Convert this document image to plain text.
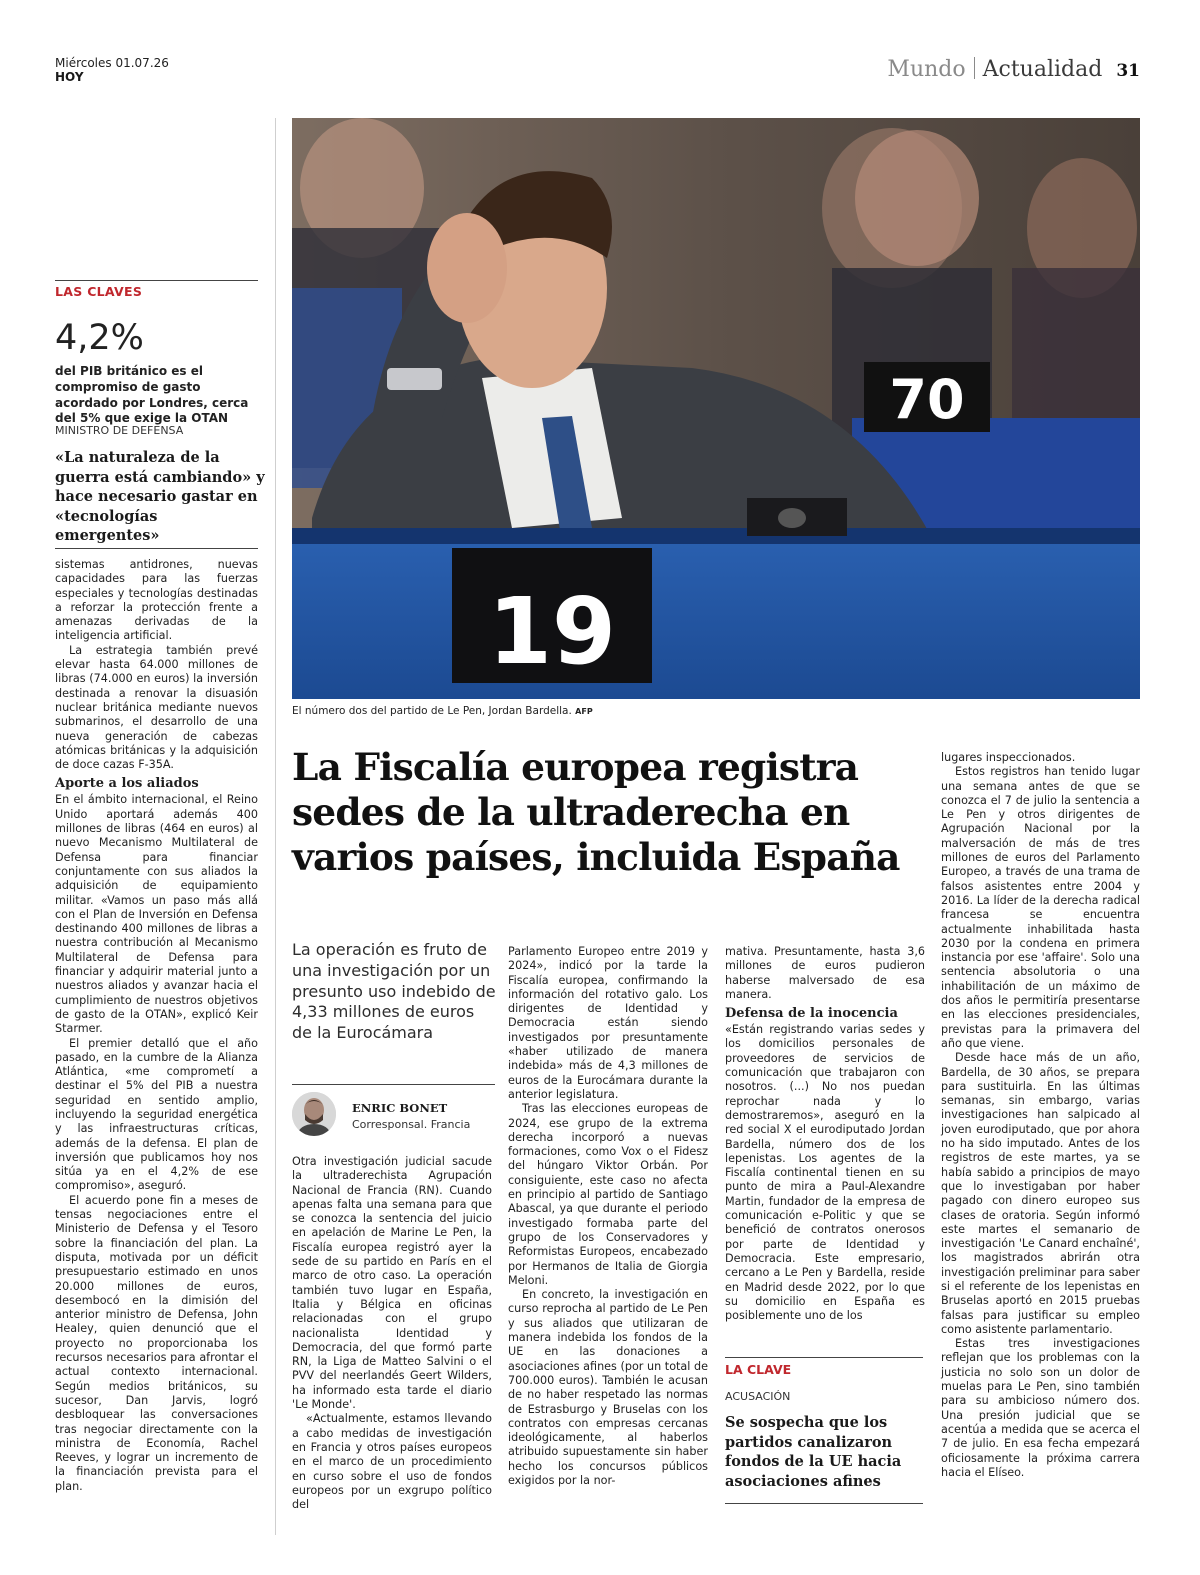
Miércoles 01.07.26
HOY	Mundo Actualidad 31
70
19
El número dos del partido de Le Pen, Jordan Bardella. AFP
LAS CLAVES
4,2%
del PIB británico es el compromiso de gasto acordado por Londres, cerca del 5% que exige la OTAN
MINISTRO DE DEFENSA
«La naturaleza de la guerra está cambiando» y hace necesario gastar en «tecnologías emergentes»

sistemas antidrones, nuevas capacidades para las fuerzas especiales y tecnologías destinadas a reforzar la protección frente a amenazas derivadas de la inteligencia artificial.

La estrategia también prevé elevar hasta 64.000 millones de libras (74.000 en euros) la inversión destinada a renovar la disuasión nuclear británica mediante nuevos submarinos, el desarrollo de una nueva generación de cabezas atómicas británicas y la adquisición de doce cazas F-35A.

Aporte a los aliados

En el ámbito internacional, el Reino Unido aportará además 400 millones de libras (464 en euros) al nuevo Mecanismo Multilateral de Defensa para financiar conjuntamente con sus aliados la adquisición de equipamiento militar. «Vamos un paso más allá con el Plan de Inversión en Defensa destinando 400 millones de libras a nuestra contribución al Mecanismo Multilateral de Defensa para financiar y adquirir material junto a nuestros aliados y avanzar hacia el cumplimiento de nuestros objetivos de gasto de la OTAN», explicó Keir Starmer.

El premier detalló que el año pasado, en la cumbre de la Alianza Atlántica, «me comprometí a destinar el 5% del PIB a nuestra seguridad en sentido amplio, incluyendo la seguridad energética y las infraestructuras críticas, además de la defensa. El plan de inversión que publicamos hoy nos sitúa ya en el 4,2% de ese compromiso», aseguró.

El acuerdo pone fin a meses de tensas negociaciones entre el Ministerio de Defensa y el Tesoro sobre la financiación del plan. La disputa, motivada por un déficit presupuestario estimado en unos 20.000 millones de euros, desembocó en la dimisión del anterior ministro de Defensa, John Healey, quien denunció que el proyecto no proporcionaba los recursos necesarios para afrontar el actual contexto internacional. Según medios británicos, su sucesor, Dan Jarvis, logró desbloquear las conversaciones tras negociar directamente con la ministra de Economía, Rachel Reeves, y lograr un incremento de la financiación prevista para el plan.

La Fiscalía europea registra sedes de la ultraderecha en varios países, incluida España
La operación es fruto de una investigación por un presunto uso indebido de 4,33 millones de euros de la Eurocámara
ENRIC BONET
Corresponsal. Francia

Otra investigación judicial sacude la ultraderechista Agrupación Nacional de Francia (RN). Cuando apenas falta una semana para que se conozca la sentencia del juicio en apelación de Marine Le Pen, la Fiscalía europea registró ayer la sede de su partido en París en el marco de otro caso. La operación también tuvo lugar en España, Italia y Bélgica en oficinas relacionadas con el grupo nacionalista Identidad y Democracia, del que formó parte RN, la Liga de Matteo Salvini o el PVV del neerlandés Geert Wilders, ha informado esta tarde el diario 'Le Monde'.

«Actualmente, estamos llevando a cabo medidas de investigación en Francia y otros países europeos en el marco de un procedimiento en curso sobre el uso de fondos europeos por un exgrupo político del

Parlamento Europeo entre 2019 y 2024», indicó por la tarde la Fiscalía europea, confirmando la información del rotativo galo. Los dirigentes de Identidad y Democracia están siendo investigados por presuntamente «haber utilizado de manera indebida» más de 4,3 millones de euros de la Eurocámara durante la anterior legislatura.

Tras las elecciones europeas de 2024, ese grupo de la extrema derecha incorporó a nuevas formaciones, como Vox o el Fidesz del húngaro Viktor Orbán. Por consiguiente, este caso no afecta en principio al partido de Santiago Abascal, ya que durante el periodo investigado formaba parte del grupo de los Conservadores y Reformistas Europeos, encabezado por Hermanos de Italia de Giorgia Meloni.

En concreto, la investigación en curso reprocha al partido de Le Pen y sus aliados que utilizaran de manera indebida los fondos de la UE en las donaciones a asociaciones afines (por un total de 700.000 euros). También le acusan de no haber respetado las normas de Estrasburgo y Bruselas con los contratos con empresas cercanas ideológicamente, al haberlos atribuido supuestamente sin haber hecho los concursos públicos exigidos por la nor-

mativa. Presuntamente, hasta 3,6 millones de euros pudieron haberse malversado de esa manera.

Defensa de la inocencia

«Están registrando varias sedes y los domicilios personales de proveedores de servicios de comunicación que trabajaron con nosotros. (...) No nos puedan reprochar nada y lo demostraremos», aseguró en la red social X el eurodiputado Jordan Bardella, número dos de los lepenistas. Los agentes de la Fiscalía continental tienen en su punto de mira a Paul-Alexandre Martin, fundador de la empresa de comunicación e-Politic y que se benefició de contratos onerosos por parte de Identidad y Democracia. Este empresario, cercano a Le Pen y Bardella, reside en Madrid desde 2022, por lo que su domicilio en España es posiblemente uno de los

LA CLAVE
ACUSACIÓN
Se sospecha que los partidos canalizaron fondos de la UE hacia asociaciones afines

lugares inspeccionados.

Estos registros han tenido lugar una semana antes de que se conozca el 7 de julio la sentencia a Le Pen y otros dirigentes de Agrupación Nacional por la malversación de más de tres millones de euros del Parlamento Europeo, a través de una trama de falsos asistentes entre 2004 y 2016. La líder de la derecha radical francesa se encuentra actualmente inhabilitada hasta 2030 por la condena en primera instancia por ese 'affaire'. Solo una sentencia absolutoria o una inhabilitación de un máximo de dos años le permitiría presentarse en las elecciones presidenciales, previstas para la primavera del año que viene.

Desde hace más de un año, Bardella, de 30 años, se prepara para sustituirla. En las últimas semanas, sin embargo, varias investigaciones han salpicado al joven eurodiputado, que por ahora no ha sido imputado. Antes de los registros de este martes, ya se había sabido a principios de mayo que lo investigaban por haber pagado con dinero europeo sus clases de oratoria. Según informó este martes el semanario de investigación 'Le Canard enchaîné', los magistrados abrirán otra investigación preliminar para saber si el referente de los lepenistas en Bruselas aportó en 2015 pruebas falsas para justificar su empleo como asistente parlamentario.

Estas tres investigaciones reflejan que los problemas con la justicia no solo son un dolor de muelas para Le Pen, sino también para su ambicioso número dos. Una presión judicial que se acentúa a medida que se acerca el 7 de julio. En esa fecha empezará oficiosamente la próxima carrera hacia el Elíseo.
